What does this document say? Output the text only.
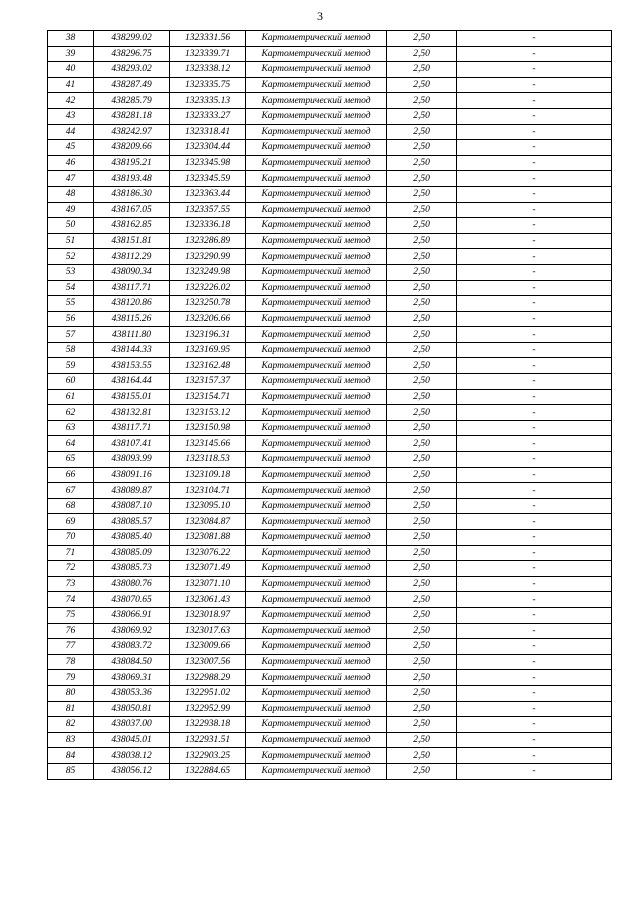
3
38	438299.02	1323331.56	Картометрический метод	2,50	-
39	438296.75	1323339.71	Картометрический метод	2,50	-
40	438293.02	1323338.12	Картометрический метод	2,50	-
41	438287.49	1323335.75	Картометрический метод	2,50	-
42	438285.79	1323335.13	Картометрический метод	2,50	-
43	438281.18	1323333.27	Картометрический метод	2,50	-
44	438242.97	1323318.41	Картометрический метод	2,50	-
45	438209.66	1323304.44	Картометрический метод	2,50	-
46	438195.21	1323345.98	Картометрический метод	2,50	-
47	438193.48	1323345.59	Картометрический метод	2,50	-
48	438186.30	1323363.44	Картометрический метод	2,50	-
49	438167.05	1323357.55	Картометрический метод	2,50	-
50	438162.85	1323336.18	Картометрический метод	2,50	-
51	438151.81	1323286.89	Картометрический метод	2,50	-
52	438112.29	1323290.99	Картометрический метод	2,50	-
53	438090.34	1323249.98	Картометрический метод	2,50	-
54	438117.71	1323226.02	Картометрический метод	2,50	-
55	438120.86	1323250.78	Картометрический метод	2,50	-
56	438115.26	1323206.66	Картометрический метод	2,50	-
57	438111.80	1323196.31	Картометрический метод	2,50	-
58	438144.33	1323169.95	Картометрический метод	2,50	-
59	438153.55	1323162.48	Картометрический метод	2,50	-
60	438164.44	1323157.37	Картометрический метод	2,50	-
61	438155.01	1323154.71	Картометрический метод	2,50	-
62	438132.81	1323153.12	Картометрический метод	2,50	-
63	438117.71	1323150.98	Картометрический метод	2,50	-
64	438107.41	1323145.66	Картометрический метод	2,50	-
65	438093.99	1323118.53	Картометрический метод	2,50	-
66	438091.16	1323109.18	Картометрический метод	2,50	-
67	438089.87	1323104.71	Картометрический метод	2,50	-
68	438087.10	1323095.10	Картометрический метод	2,50	-
69	438085.57	1323084.87	Картометрический метод	2,50	-
70	438085.40	1323081.88	Картометрический метод	2,50	-
71	438085.09	1323076.22	Картометрический метод	2,50	-
72	438085.73	1323071.49	Картометрический метод	2,50	-
73	438080.76	1323071.10	Картометрический метод	2,50	-
74	438070.65	1323061.43	Картометрический метод	2,50	-
75	438066.91	1323018.97	Картометрический метод	2,50	-
76	438069.92	1323017.63	Картометрический метод	2,50	-
77	438083.72	1323009.66	Картометрический метод	2,50	-
78	438084.50	1323007.56	Картометрический метод	2,50	-
79	438069.31	1322988.29	Картометрический метод	2,50	-
80	438053.36	1322951.02	Картометрический метод	2,50	-
81	438050.81	1322952.99	Картометрический метод	2,50	-
82	438037.00	1322938.18	Картометрический метод	2,50	-
83	438045.01	1322931.51	Картометрический метод	2,50	-
84	438038.12	1322903.25	Картометрический метод	2,50	-
85	438056.12	1322884.65	Картометрический метод	2,50	-
